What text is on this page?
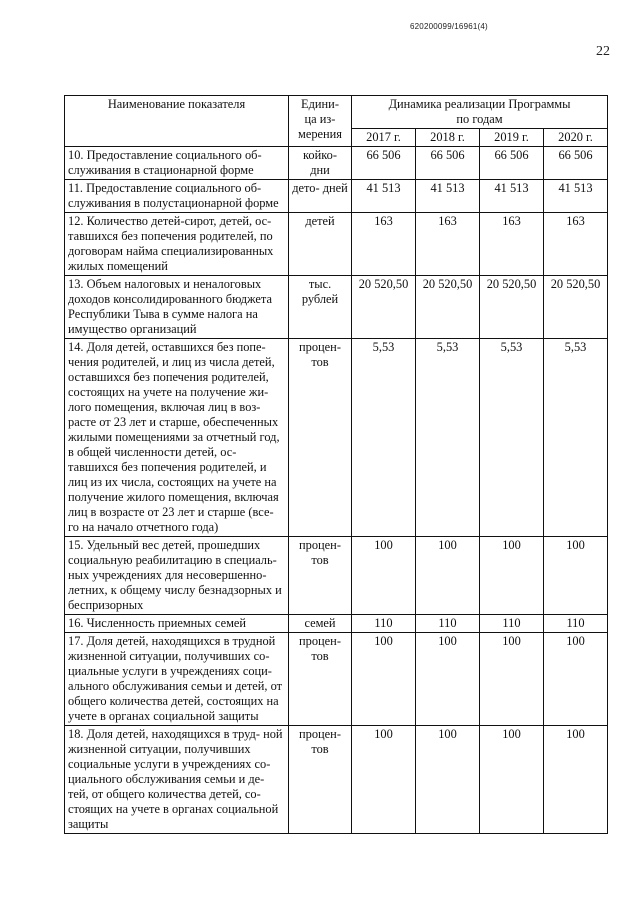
620200099/16961(4)
22
Наименование показателя	Едини-
ца из-
мерения	Динамика реализации Программы
по годам			

		2017 г.	2018 г.	2019 г.	2020 г.
10. Предоставление социального об- служивания в стационарной форме	койко- дни	66 506	66 506	66 506	66 506
11. Предоставление социального об- служивания в полустационарной форме	дето- дней	41 513	41 513	41 513	41 513
12. Количество детей-сирот, детей, ос- тавшихся без попечения родителей, по договорам найма специализированных жилых помещений	детей	163	163	163	163
13. Объем налоговых и неналоговых доходов консолидированного бюджета Республики Тыва в сумме налога на имущество организаций	тыс. рублей	20 520,50	20 520,50	20 520,50	20 520,50
14. Доля детей, оставшихся без попе- чения родителей, и лиц из числа детей, оставшихся без попечения родителей, состоящих на учете на получение жи- лого помещения, включая лиц в воз- расте от 23 лет и старше, обеспеченных жилыми помещениями за отчетный год, в общей численности детей, ос- тавшихся без попечения родителей, и лиц из их числа, состоящих на учете на получение жилого помещения, включая лиц в возрасте от 23 лет и старше (все- го на начало отчетного года)	процен- тов	5,53	5,53	5,53	5,53
15. Удельный вес детей, прошедших социальную реабилитацию в специаль- ных учреждениях для несовершенно- летних, к общему числу безнадзорных и беспризорных	процен- тов	100	100	100	100
16. Численность приемных семей	семей	110	110	110	110
17. Доля детей, находящихся в трудной жизненной ситуации, получивших со- циальные услуги в учреждениях соци- ального обслуживания семьи и детей, от общего количества детей, состоящих на учете в органах социальной защиты	процен- тов	100	100	100	100
18. Доля детей, находящихся в труд- ной жизненной ситуации, получивших социальные услуги в учреждениях со- циального обслуживания семьи и де- тей, от общего количества детей, со- стоящих на учете в органах социальной защиты	процен- тов	100	100	100	100
